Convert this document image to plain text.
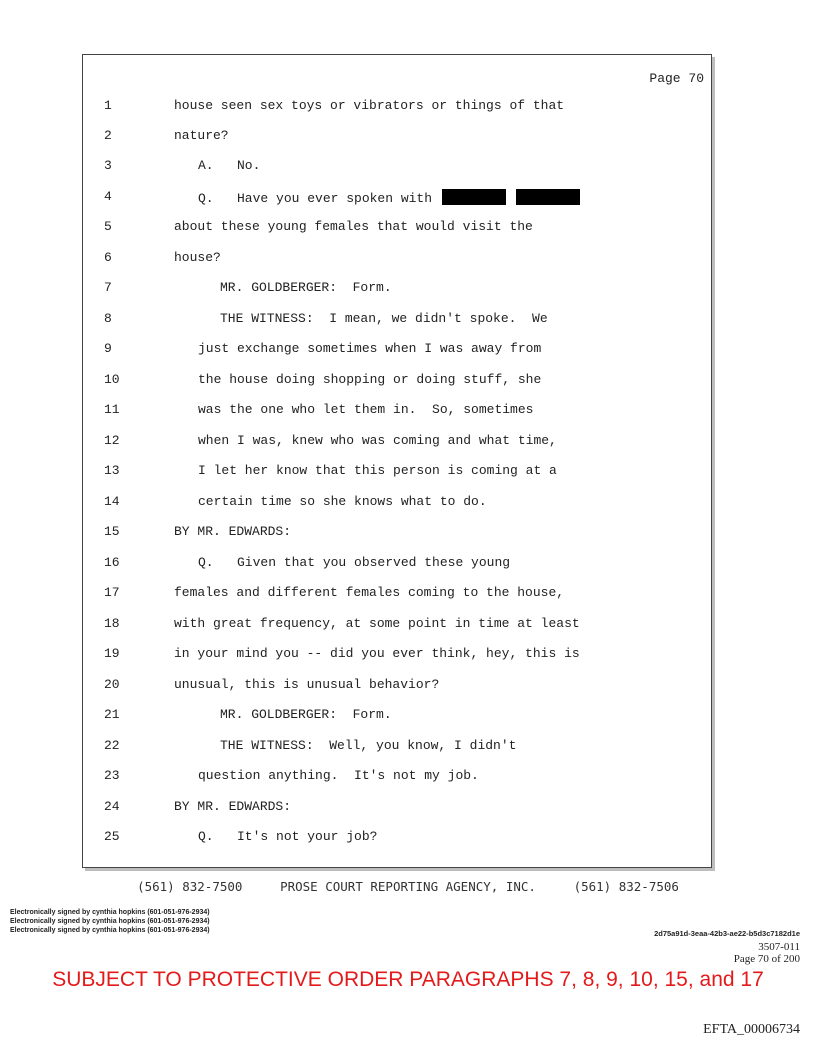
Page 70
1	house seen sex toys or vibrators or things of that
2	nature?
3	A.   No.
4	Q.   Have you ever spoken with
5	about these young females that would visit the
6	house?
7	MR. GOLDBERGER:  Form.
8	THE WITNESS:  I mean, we didn't spoke.  We
9	just exchange sometimes when I was away from
10	the house doing shopping or doing stuff, she
11	was the one who let them in.  So, sometimes
12	when I was, knew who was coming and what time,
13	I let her know that this person is coming at a
14	certain time so she knows what to do.
15	BY MR. EDWARDS:
16	Q.   Given that you observed these young
17	females and different females coming to the house,
18	with great frequency, at some point in time at least
19	in your mind you -- did you ever think, hey, this is
20	unusual, this is unusual behavior?
21	MR. GOLDBERGER:  Form.
22	THE WITNESS:  Well, you know, I didn't
23	question anything.  It's not my job.
24	BY MR. EDWARDS:
25	Q.   It's not your job?
(561) 832-7500	PROSE COURT REPORTING AGENCY, INC.	(561) 832-7506
Electronically signed by cynthia hopkins (601-051-976-2934)
Electronically signed by cynthia hopkins (601-051-976-2934)
Electronically signed by cynthia hopkins (601-051-976-2934)	2d75a91d-3eaa-42b3-ae22-b5d3c7182d1e
3507-011
Page 70 of 200
SUBJECT TO PROTECTIVE ORDER PARAGRAPHS 7, 8, 9, 10, 15, and 17
EFTA_00006734
